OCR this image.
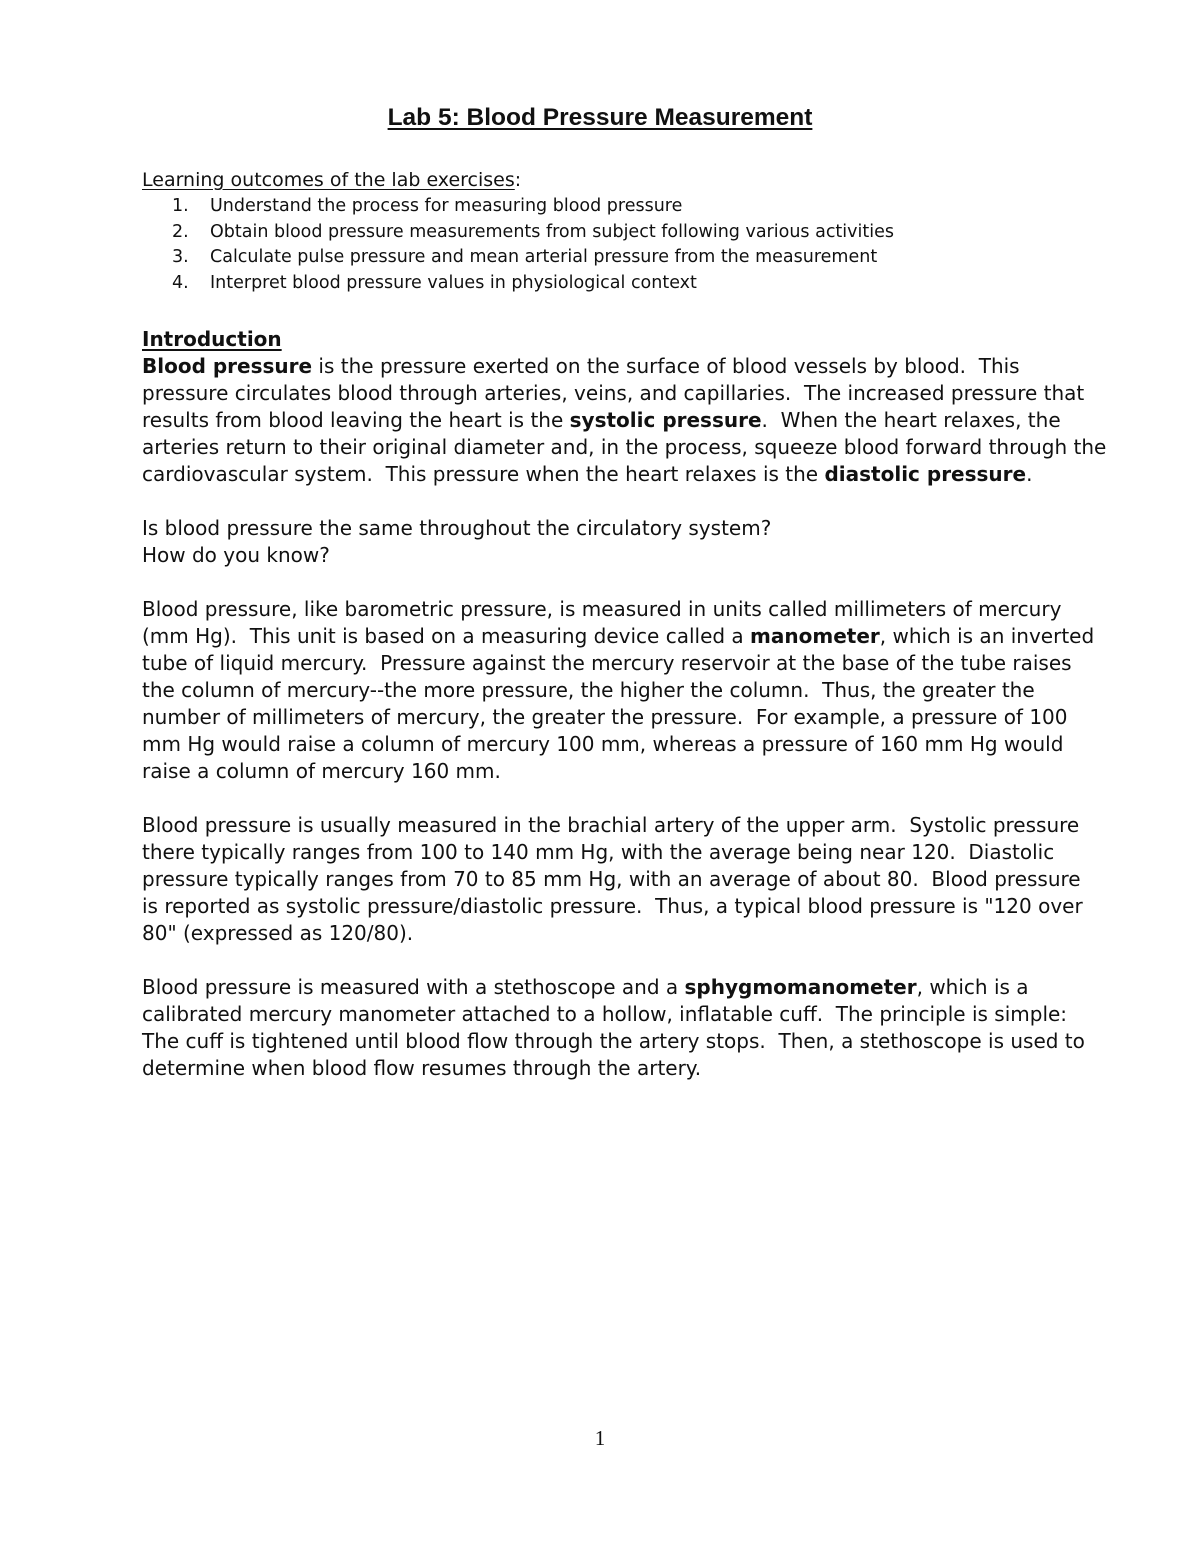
Lab 5: Blood Pressure Measurement

Learning outcomes of the lab exercises:

1. Understand the process for measuring blood pressure
2. Obtain blood pressure measurements from subject following various activities
3. Calculate pulse pressure and mean arterial pressure from the measurement
4. Interpret blood pressure values in physiological context

Introduction

Blood pressure is the pressure exerted on the surface of blood vessels by blood.  This
pressure circulates blood through arteries, veins, and capillaries.  The increased pressure that
results from blood leaving the heart is the systolic pressure.  When the heart relaxes, the
arteries return to their original diameter and, in the process, squeeze blood forward through the
cardiovascular system.  This pressure when the heart relaxes is the diastolic pressure.

Is blood pressure the same throughout the circulatory system?
How do you know?

Blood pressure, like barometric pressure, is measured in units called millimeters of mercury
(mm Hg).  This unit is based on a measuring device called a manometer, which is an inverted
tube of liquid mercury.  Pressure against the mercury reservoir at the base of the tube raises
the column of mercury--the more pressure, the higher the column.  Thus, the greater the
number of millimeters of mercury, the greater the pressure.  For example, a pressure of 100
mm Hg would raise a column of mercury 100 mm, whereas a pressure of 160 mm Hg would
raise a column of mercury 160 mm.

Blood pressure is usually measured in the brachial artery of the upper arm.  Systolic pressure
there typically ranges from 100 to 140 mm Hg, with the average being near 120.  Diastolic
pressure typically ranges from 70 to 85 mm Hg, with an average of about 80.  Blood pressure
is reported as systolic pressure/diastolic pressure.  Thus, a typical blood pressure is "120 over
80" (expressed as 120/80).

Blood pressure is measured with a stethoscope and a sphygmomanometer, which is a
calibrated mercury manometer attached to a hollow, inflatable cuff.  The principle is simple:
The cuff is tightened until blood flow through the artery stops.  Then, a stethoscope is used to
determine when blood flow resumes through the artery.

1
